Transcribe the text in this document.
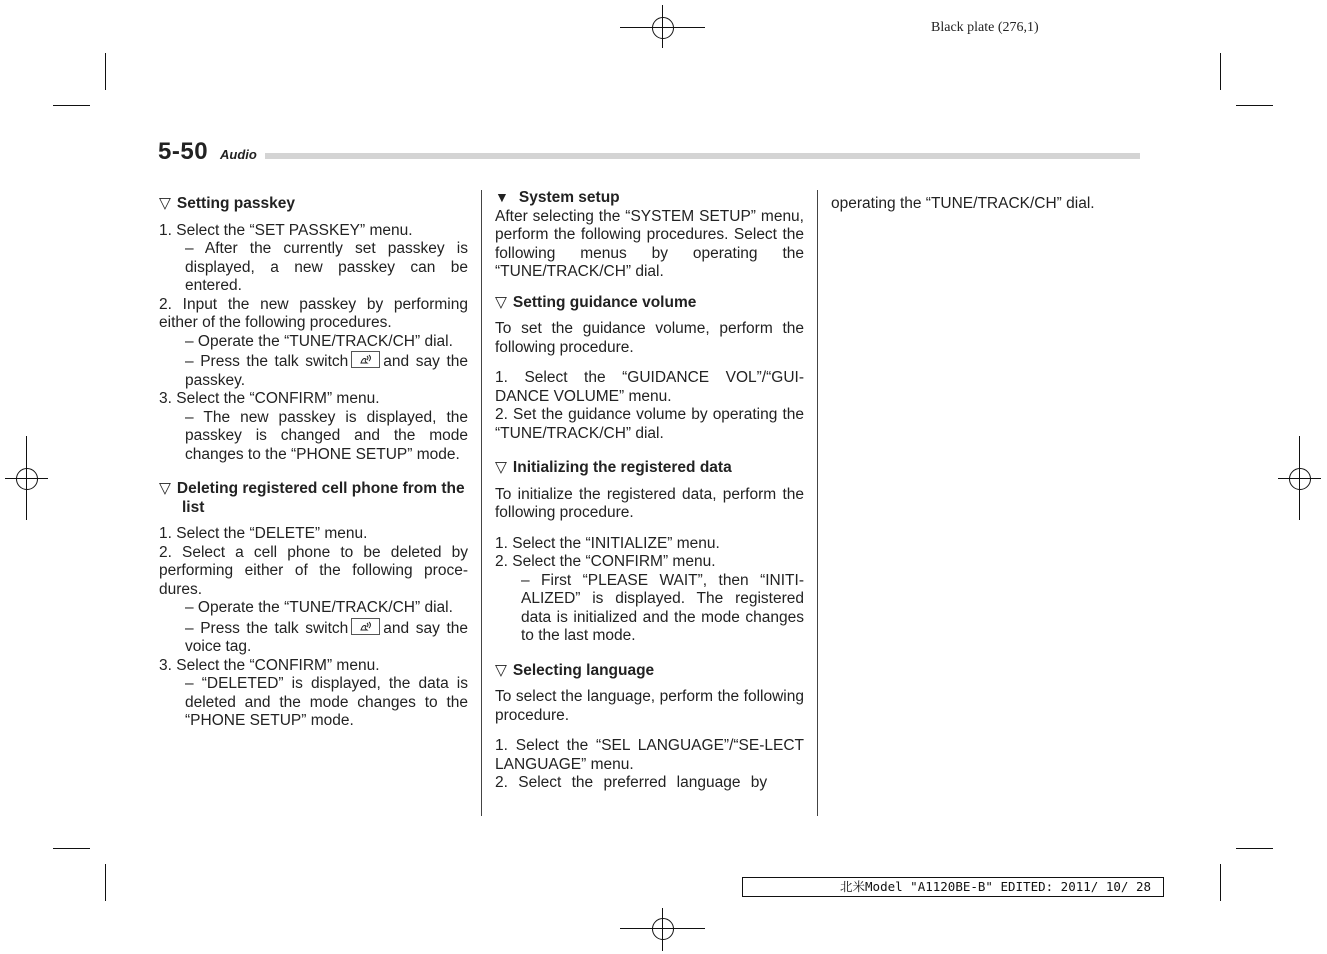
Black plate (276,1)
5-50 Audio

▽ Setting passkey

1. Select the “SET PASSKEY” menu.

– After the currently set passkey is displayed, a new passkey can be entered.

2. Input the new passkey by performing either of the following procedures.

– Operate the “TUNE/TRACK/CH” dial.

– Press the talk switch and say the passkey.

3. Select the “CONFIRM” menu.

– The new passkey is displayed, the passkey is changed and the mode changes to the “PHONE SETUP” mode.

▽ Deleting registered cell phone from the list

1. Select the “DELETE” menu.

2. Select a cell phone to be deleted by performing either of the following proce-dures.

– Operate the “TUNE/TRACK/CH” dial.

– Press the talk switch and say the voice tag.

3. Select the “CONFIRM” menu.

– “DELETED” is displayed, the data is deleted and the mode changes to the “PHONE SETUP” mode.

▼ System setup

After selecting the “SYSTEM SETUP” menu, perform the following procedures. Select the following menus by operating the “TUNE/TRACK/CH” dial.

▽ Setting guidance volume

To set the guidance volume, perform the following procedure.

1. Select the “GUIDANCE VOL”/“GUI-DANCE VOLUME” menu.

2. Set the guidance volume by operating the “TUNE/TRACK/CH” dial.

▽ Initializing the registered data

To initialize the registered data, perform the following procedure.

1. Select the “INITIALIZE” menu.

2. Select the “CONFIRM” menu.

– First “PLEASE WAIT”, then “INITI-ALIZED” is displayed. The registered data is initialized and the mode changes to the last mode.

▽ Selecting language

To select the language, perform the following procedure.

1. Select the “SEL LANGUAGE”/“SE-LECT LANGUAGE” menu.

2. Select the preferred language by

operating the “TUNE/TRACK/CH” dial.

北米Model "A1120BE-B" EDITED: 2011/ 10/ 28
